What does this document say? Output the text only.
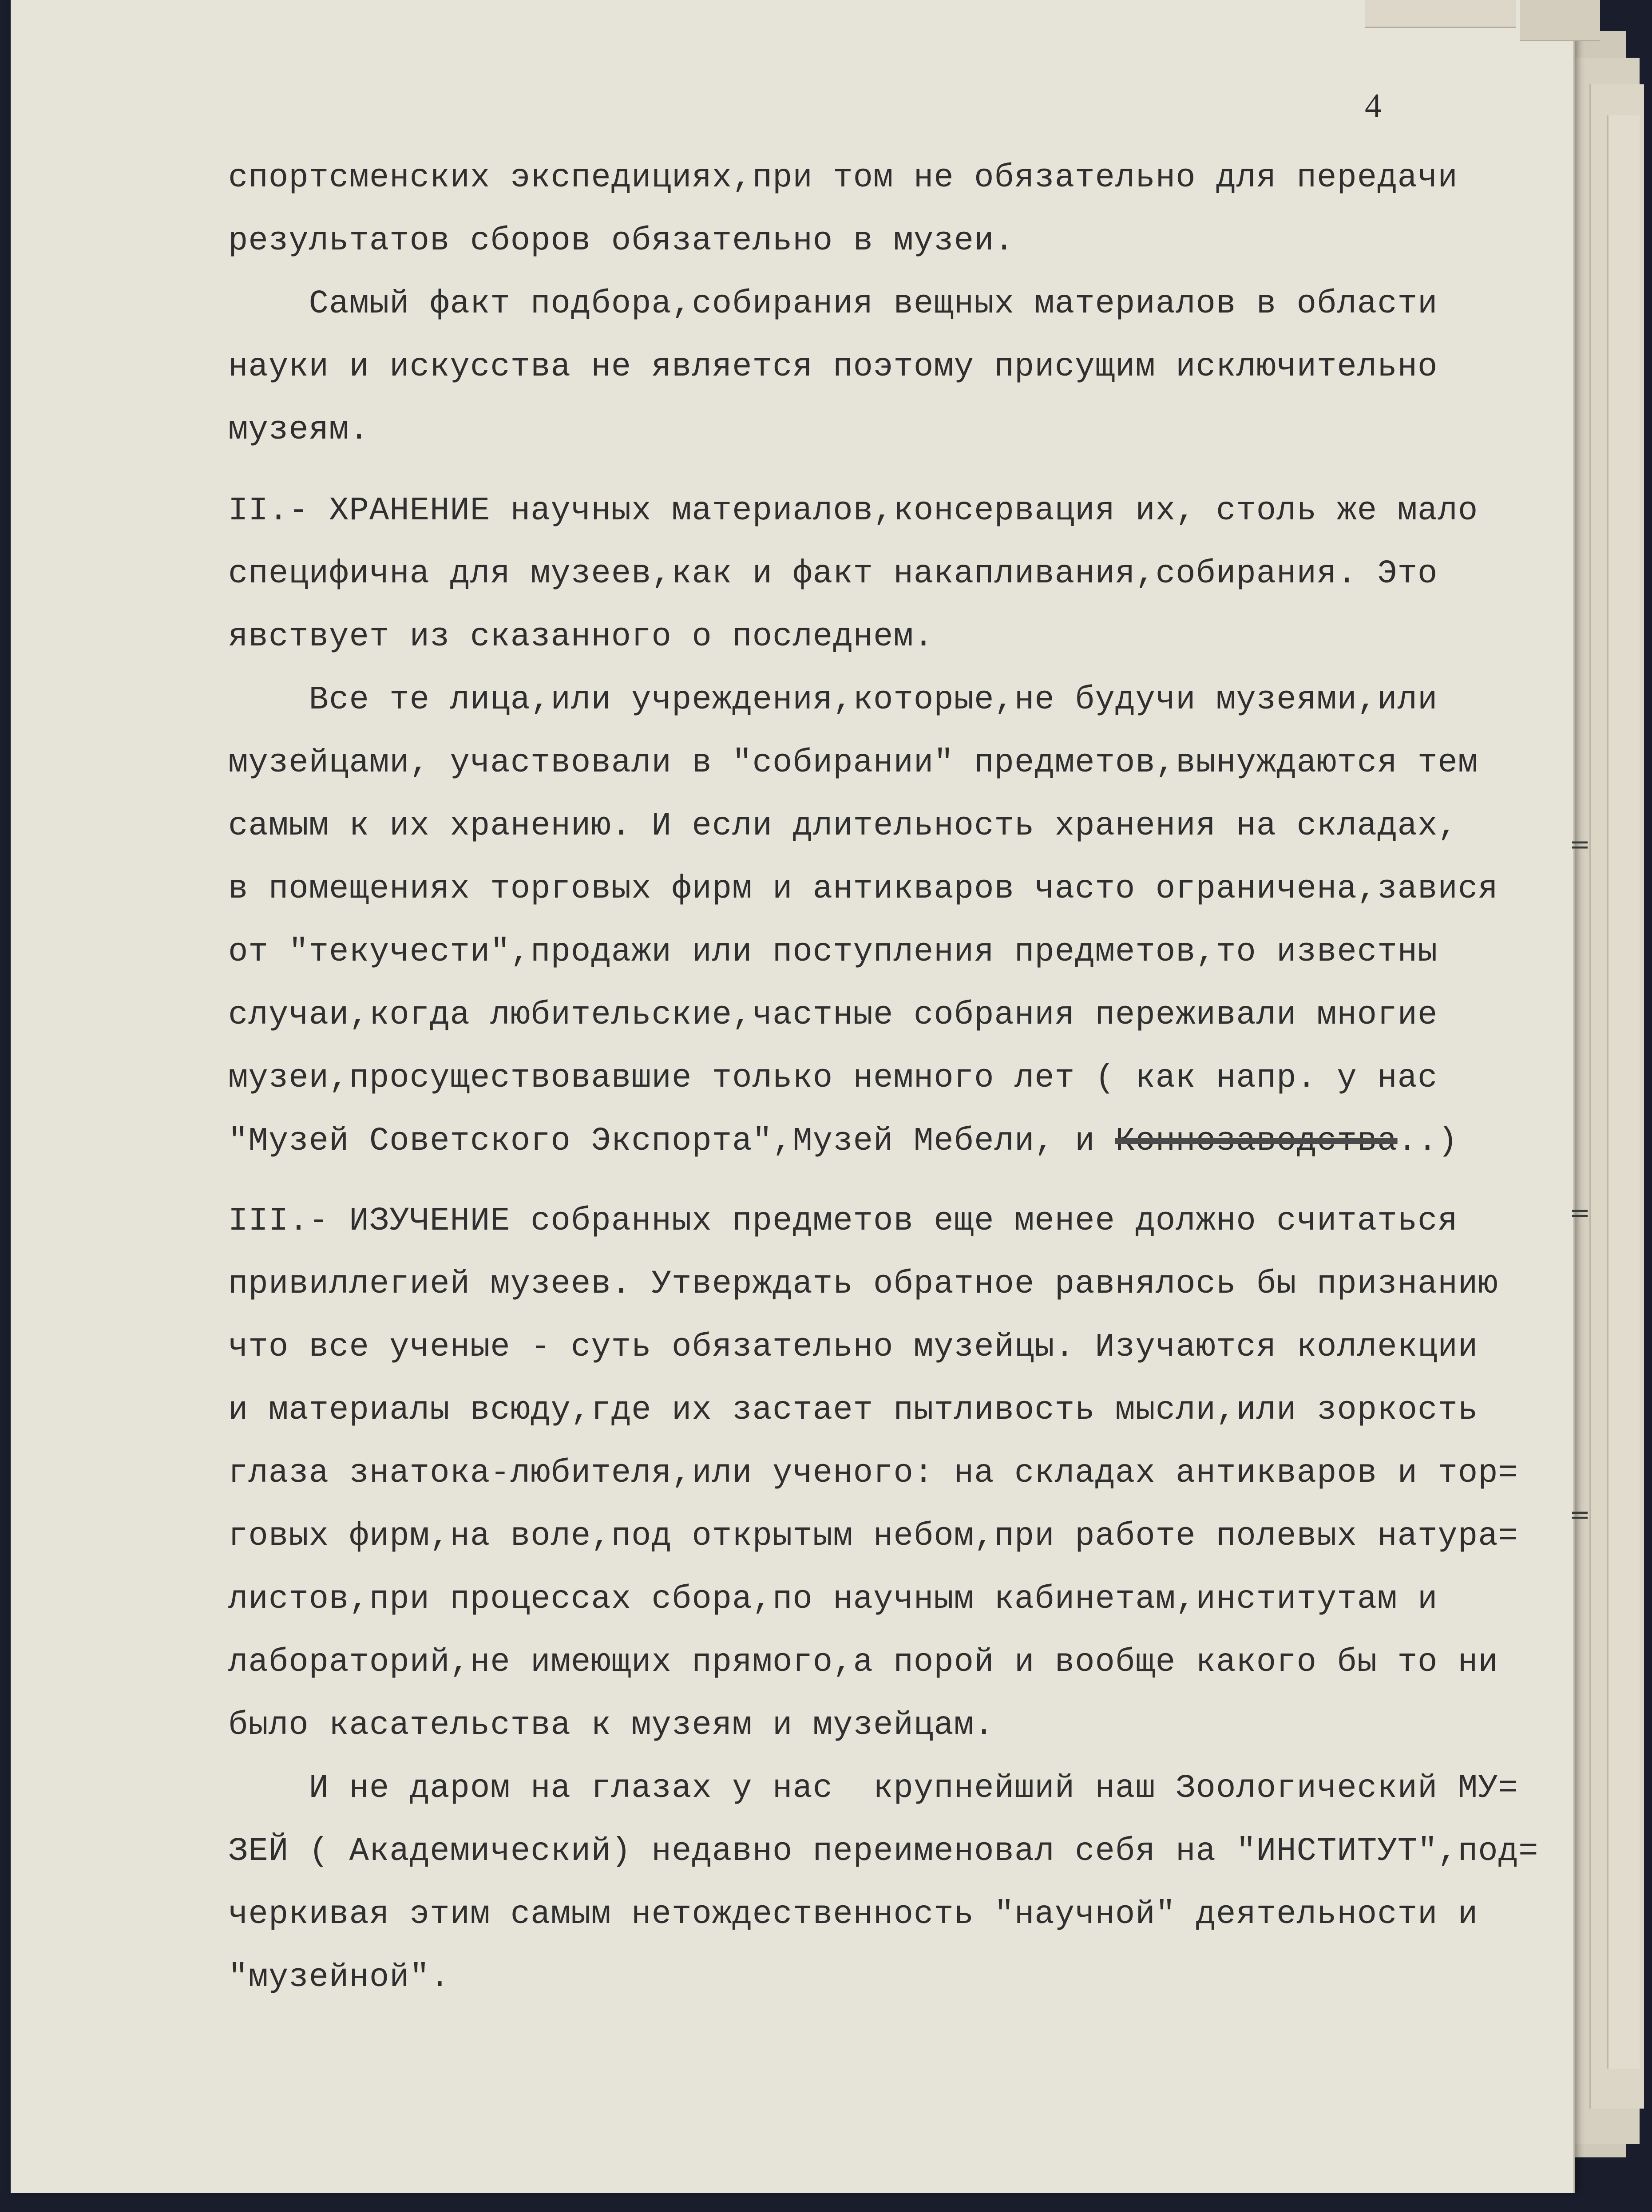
4
спортсменских экспедициях,при том не обязательно для передачи
результатов сборов обязательно в музеи.
Самый факт подбора,собирания вещных материалов в области
науки и искусства не является поэтому присущим исключительно
музеям.
II.- ХРАНЕНИЕ научных материалов,консервация их, столь же мало
специфична для музеев,как и факт накапливания,собирания. Это
явствует из сказанного о последнем.
Все те лица,или учреждения,которые,не будучи музеями,или
музейцами, участвовали в "собирании" предметов,вынуждаются тем
самым к их хранению. И если длительность хранения на складах,
в помещениях торговых фирм и антикваров часто ограничена,завися
от "текучести",продажи или поступления предметов,то известны
случаи,когда любительские,частные собрания переживали многие
музеи,просуществовавшие только немного лет ( как напр. у нас
"Музей Советского Экспорта",Музей Мебели, и Коннозаводства..)
III.- ИЗУЧЕНИЕ собранных предметов еще менее должно считаться
привиллегией музеев. Утверждать обратное равнялось бы признанию
что все ученые - суть обязательно музейцы. Изучаются коллекции
и материалы всюду,где их застает пытливость мысли,или зоркость
глаза знатока-любителя,или ученого: на складах антикваров и тор=
говых фирм,на воле,под открытым небом,при работе полевых натура=
листов,при процессах сбора,по научным кабинетам,институтам и
лабораторий,не имеющих прямого,а порой и вообще какого бы то ни
было касательства к музеям и музейцам.
И не даром на глазах у нас  крупнейший наш Зоологический МУ=
ЗЕЙ ( Академический) недавно переименовал себя на "ИНСТИТУТ",под=
черкивая этим самым нетождественность "научной" деятельности и
"музейной".
=
=
=
